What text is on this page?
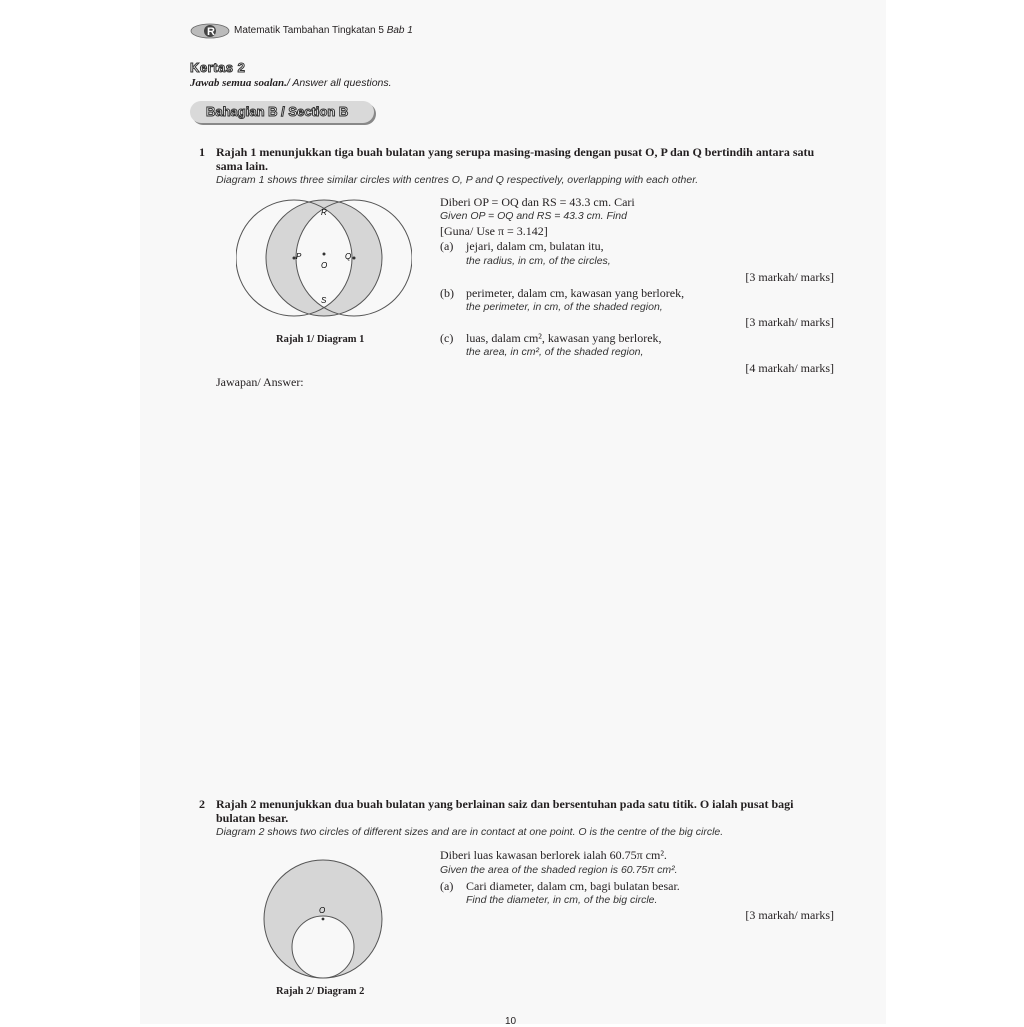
R Matematik Tambahan Tingkatan 5 Bab 1
Kertas 2
Jawab semua soalan./ Answer all questions.
Bahagian B / Section B
1 Rajah 1 menunjukkan tiga buah bulatan yang serupa masing-masing dengan pusat O, P dan Q bertindih antara satu
sama lain.
Diagram 1 shows three similar circles with centres O, P and Q respectively, overlapping with each other.
R
S
P
O
Q
Rajah 1/ Diagram 1
Diberi OP = OQ dan RS = 43.3 cm. Cari
Given OP = OQ and RS = 43.3 cm. Find
[Guna/ Use π = 3.142]
(a) jejari, dalam cm, bulatan itu,
the radius, in cm, of the circles,
[3 markah/ marks]
(b) perimeter, dalam cm, kawasan yang berlorek,
the perimeter, in cm, of the shaded region,
[3 markah/ marks]
(c) luas, dalam cm², kawasan yang berlorek,
the area, in cm², of the shaded region,
[4 markah/ marks]
Jawapan/ Answer:
2 Rajah 2 menunjukkan dua buah bulatan yang berlainan saiz dan bersentuhan pada satu titik. O ialah pusat bagi
bulatan besar.
Diagram 2 shows two circles of different sizes and are in contact at one point. O is the centre of the big circle.
Diberi luas kawasan berlorek ialah 60.75π cm².
Given the area of the shaded region is 60.75π cm².
(a) Cari diameter, dalam cm, bagi bulatan besar.
Find the diameter, in cm, of the big circle.
[3 markah/ marks]
O
Rajah 2/ Diagram 2
10
